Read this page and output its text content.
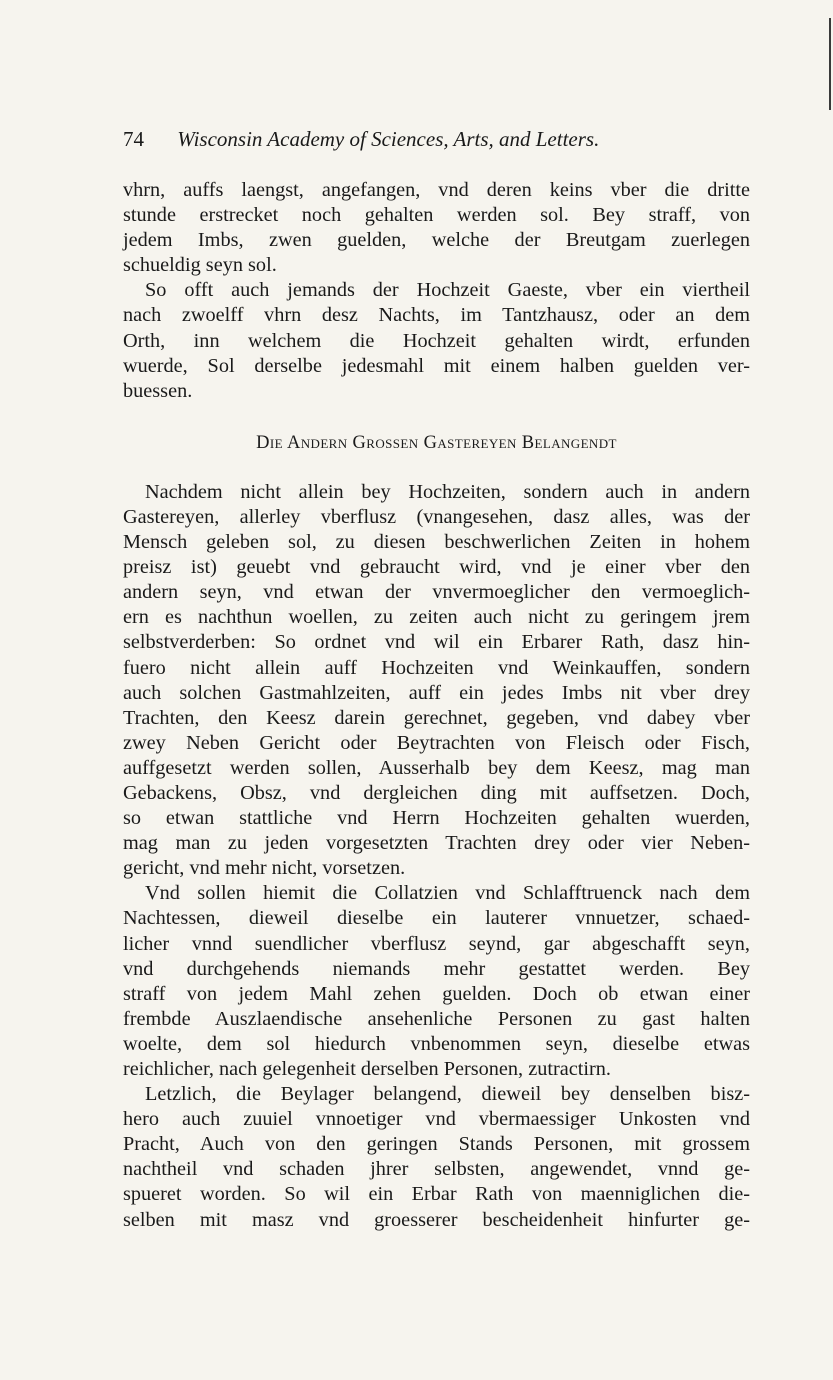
74 Wisconsin Academy of Sciences, Arts, and Letters.
vhrn, auffs laengst, angefangen, vnd deren keins vber die dritte
stunde erstrecket noch gehalten werden sol. Bey straff, von
jedem Imbs, zwen guelden, welche der Breutgam zuerlegen
schueldig seyn sol.
So offt auch jemands der Hochzeit Gaeste, vber ein viertheil
nach zwoelff vhrn desz Nachts, im Tantzhausz, oder an dem
Orth, inn welchem die Hochzeit gehalten wirdt, erfunden
wuerde, Sol derselbe jedesmahl mit einem halben guelden ver-
buessen.
Die Andern Grossen Gastereyen Belangendt
Nachdem nicht allein bey Hochzeiten, sondern auch in andern
Gastereyen, allerley vberflusz (vnangesehen, dasz alles, was der
Mensch geleben sol, zu diesen beschwerlichen Zeiten in hohem
preisz ist) geuebt vnd gebraucht wird, vnd je einer vber den
andern seyn, vnd etwan der vnvermoeglicher den vermoeglich-
ern es nachthun woellen, zu zeiten auch nicht zu geringem jrem
selbstverderben: So ordnet vnd wil ein Erbarer Rath, dasz hin-
fuero nicht allein auff Hochzeiten vnd Weinkauffen, sondern
auch solchen Gastmahlzeiten, auff ein jedes Imbs nit vber drey
Trachten, den Keesz darein gerechnet, gegeben, vnd dabey vber
zwey Neben Gericht oder Beytrachten von Fleisch oder Fisch,
auffgesetzt werden sollen, Ausserhalb bey dem Keesz, mag man
Gebackens, Obsz, vnd dergleichen ding mit auffsetzen. Doch,
so etwan stattliche vnd Herrn Hochzeiten gehalten wuerden,
mag man zu jeden vorgesetzten Trachten drey oder vier Neben-
gericht, vnd mehr nicht, vorsetzen.
Vnd sollen hiemit die Collatzien vnd Schlafftruenck nach dem
Nachtessen, dieweil dieselbe ein lauterer vnnuetzer, schaed-
licher vnnd suendlicher vberflusz seynd, gar abgeschafft seyn,
vnd durchgehends niemands mehr gestattet werden. Bey
straff von jedem Mahl zehen guelden. Doch ob etwan einer
frembde Auszlaendische ansehenliche Personen zu gast halten
woelte, dem sol hiedurch vnbenommen seyn, dieselbe etwas
reichlicher, nach gelegenheit derselben Personen, zutractirn.
Letzlich, die Beylager belangend, dieweil bey denselben bisz-
hero auch zuuiel vnnoetiger vnd vbermaessiger Unkosten vnd
Pracht, Auch von den geringen Stands Personen, mit grossem
nachtheil vnd schaden jhrer selbsten, angewendet, vnnd ge-
spueret worden. So wil ein Erbar Rath von maenniglichen die-
selben mit masz vnd groesserer bescheidenheit hinfurter ge-
